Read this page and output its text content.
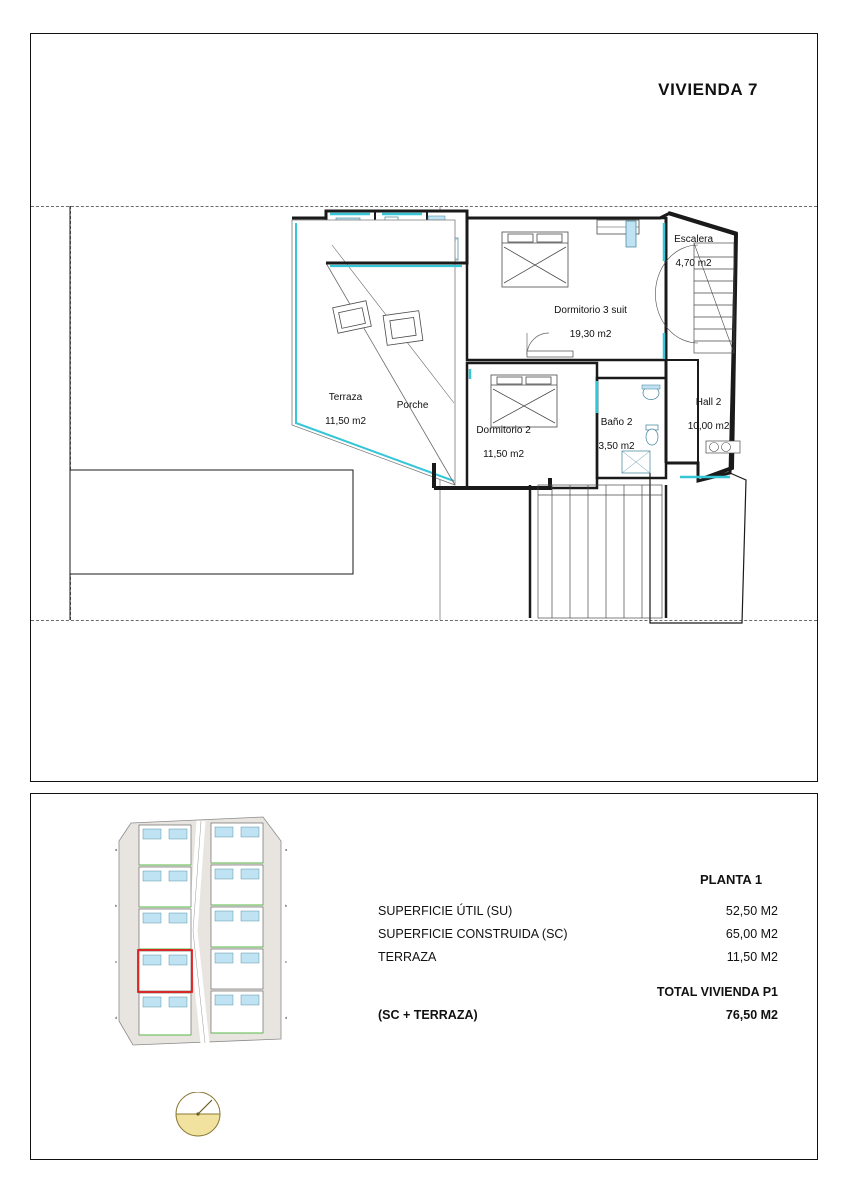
VIVIENDA 7

Terraza

11,50 m2

Porche

Dormitorio 2

11,50 m2

Dormitorio 3 suit

19,30 m2

Baño 2

3,50 m2

Hall 2

10,00 m2

Escalera

4,70 m2

a
b
c
d
a
b
c
d
PLANTA 1
SUPERFICIE ÚTIL (SU)	52,50 M2
SUPERFICIE CONSTRUIDA (SC)	65,00 M2
TERRAZA	11,50 M2
TOTAL VIVIENDA P1
(SC + TERRAZA)	76,50 M2
